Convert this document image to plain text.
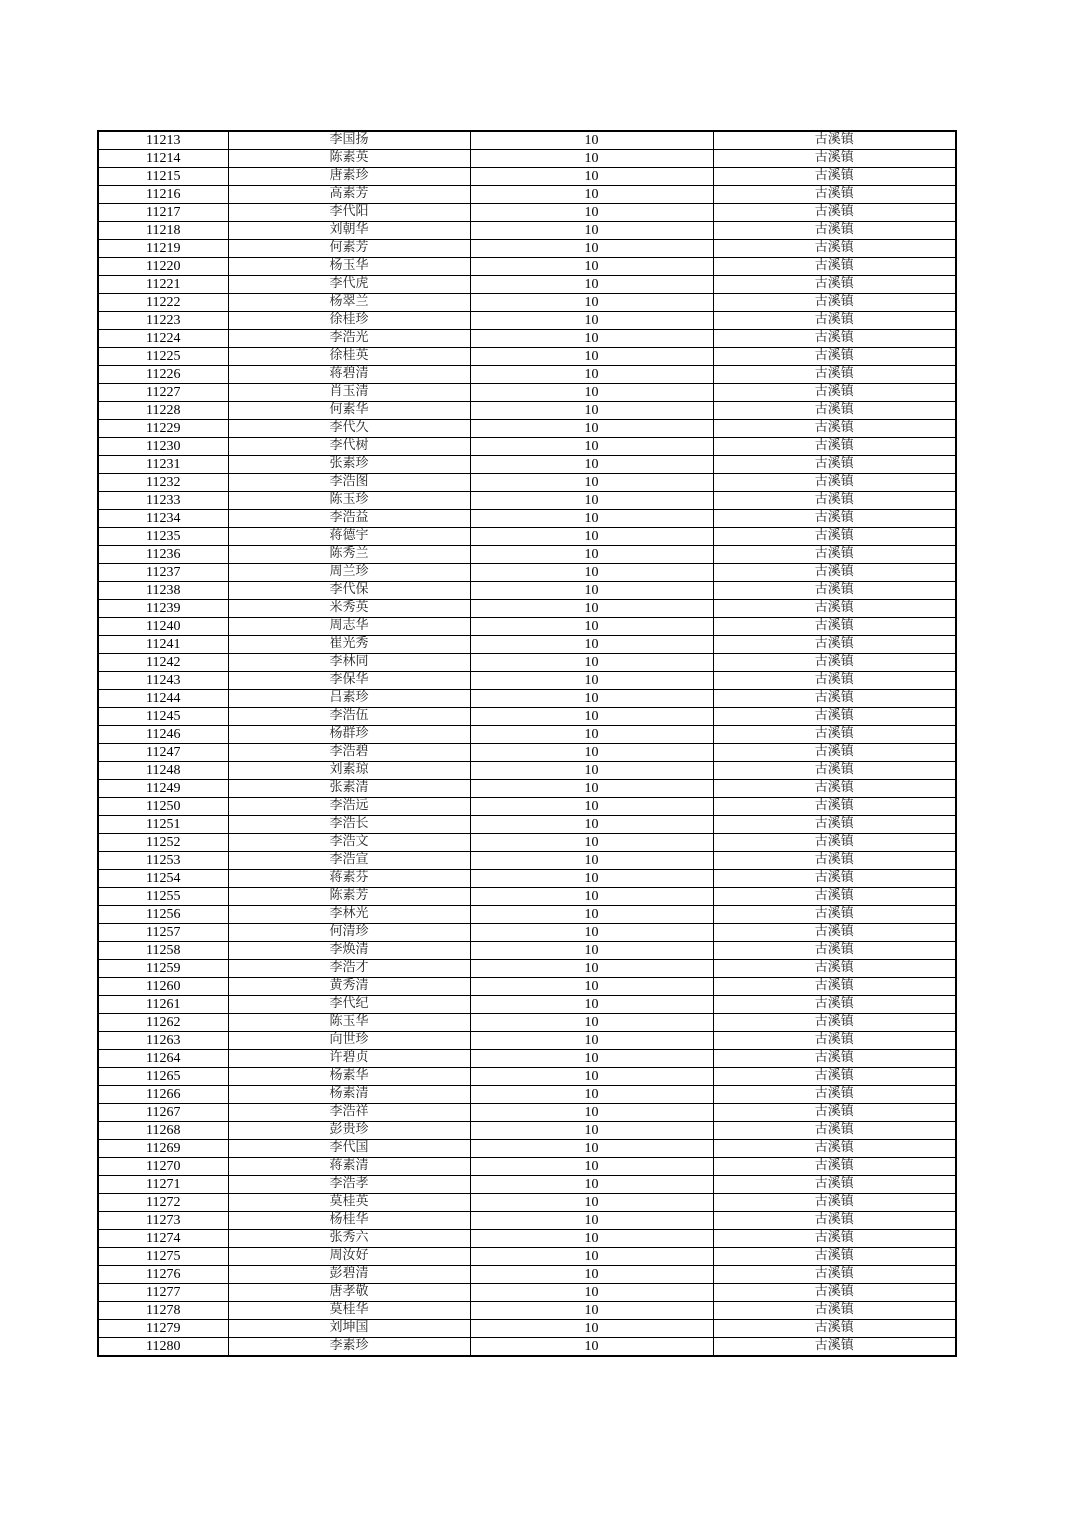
11213	李国扬	10	古溪镇
11214	陈素英	10	古溪镇
11215	唐素珍	10	古溪镇
11216	高素芳	10	古溪镇
11217	李代阳	10	古溪镇
11218	刘朝华	10	古溪镇
11219	何素芳	10	古溪镇
11220	杨玉华	10	古溪镇
11221	李代虎	10	古溪镇
11222	杨翠兰	10	古溪镇
11223	徐桂珍	10	古溪镇
11224	李浩光	10	古溪镇
11225	徐桂英	10	古溪镇
11226	蒋碧清	10	古溪镇
11227	肖玉清	10	古溪镇
11228	何素华	10	古溪镇
11229	李代久	10	古溪镇
11230	李代树	10	古溪镇
11231	张素珍	10	古溪镇
11232	李浩图	10	古溪镇
11233	陈玉珍	10	古溪镇
11234	李浩益	10	古溪镇
11235	蒋德宇	10	古溪镇
11236	陈秀兰	10	古溪镇
11237	周兰珍	10	古溪镇
11238	李代保	10	古溪镇
11239	米秀英	10	古溪镇
11240	周志华	10	古溪镇
11241	崔光秀	10	古溪镇
11242	李林同	10	古溪镇
11243	李保华	10	古溪镇
11244	吕素珍	10	古溪镇
11245	李浩伍	10	古溪镇
11246	杨群珍	10	古溪镇
11247	李浩碧	10	古溪镇
11248	刘素琼	10	古溪镇
11249	张素清	10	古溪镇
11250	李浩远	10	古溪镇
11251	李浩长	10	古溪镇
11252	李浩文	10	古溪镇
11253	李浩宣	10	古溪镇
11254	蒋素芬	10	古溪镇
11255	陈素芳	10	古溪镇
11256	李林光	10	古溪镇
11257	何清珍	10	古溪镇
11258	李焕清	10	古溪镇
11259	李浩才	10	古溪镇
11260	黄秀清	10	古溪镇
11261	李代纪	10	古溪镇
11262	陈玉华	10	古溪镇
11263	向世珍	10	古溪镇
11264	许碧贞	10	古溪镇
11265	杨素华	10	古溪镇
11266	杨素清	10	古溪镇
11267	李浩祥	10	古溪镇
11268	彭贵珍	10	古溪镇
11269	李代国	10	古溪镇
11270	蒋素清	10	古溪镇
11271	李浩孝	10	古溪镇
11272	莫桂英	10	古溪镇
11273	杨桂华	10	古溪镇
11274	张秀六	10	古溪镇
11275	周汝好	10	古溪镇
11276	彭碧清	10	古溪镇
11277	唐孝敬	10	古溪镇
11278	莫桂华	10	古溪镇
11279	刘坤国	10	古溪镇
11280	李素珍	10	古溪镇
